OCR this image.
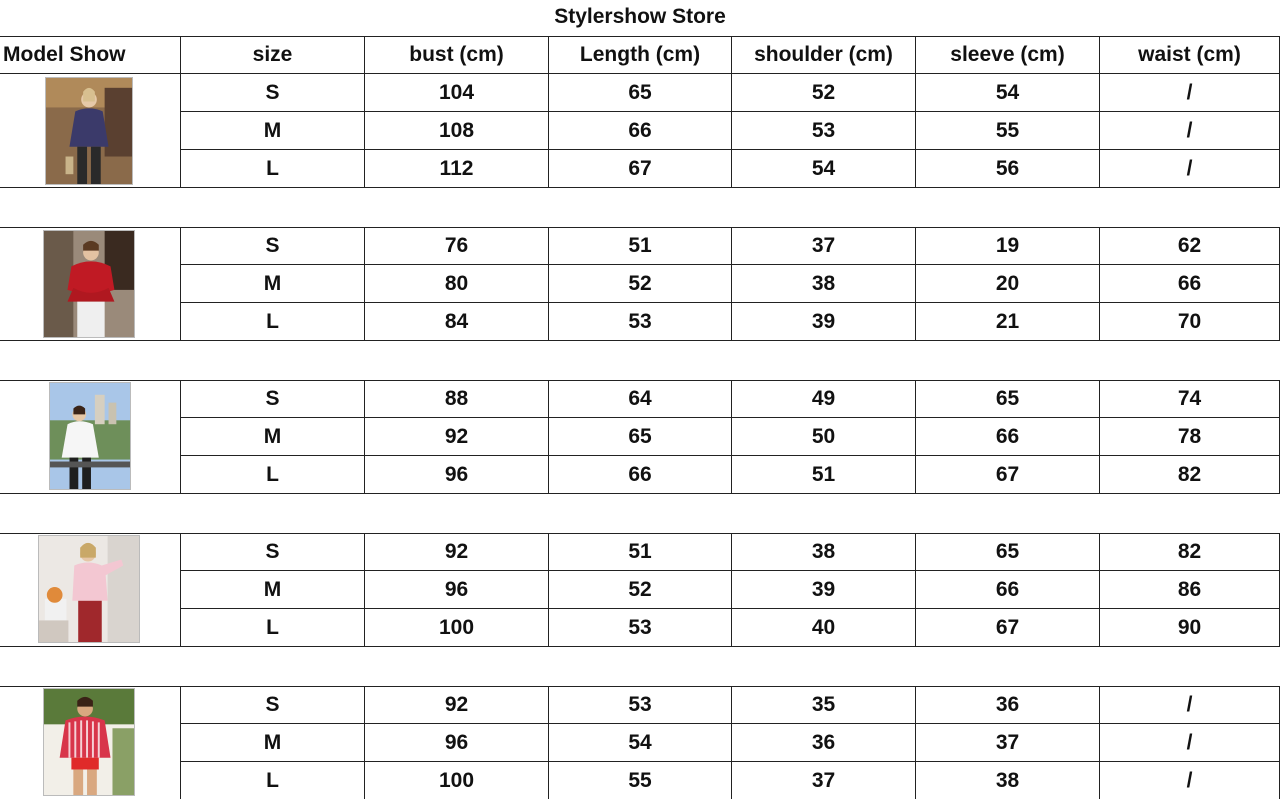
Stylershow Store
Model Show	size	bust (cm)	Length (cm)	shoulder (cm)	sleeve (cm)	waist (cm)
S	104	65	52	54	/
M	108	66	53	55	/
L	112	67	54	56	/
S	76	51	37	19	62
M	80	52	38	20	66
L	84	53	39	21	70
S	88	64	49	65	74
M	92	65	50	66	78
L	96	66	51	67	82
S	92	51	38	65	82
M	96	52	39	66	86
L	100	53	40	67	90
S	92	53	35	36	/
M	96	54	36	37	/
L	100	55	37	38	/
